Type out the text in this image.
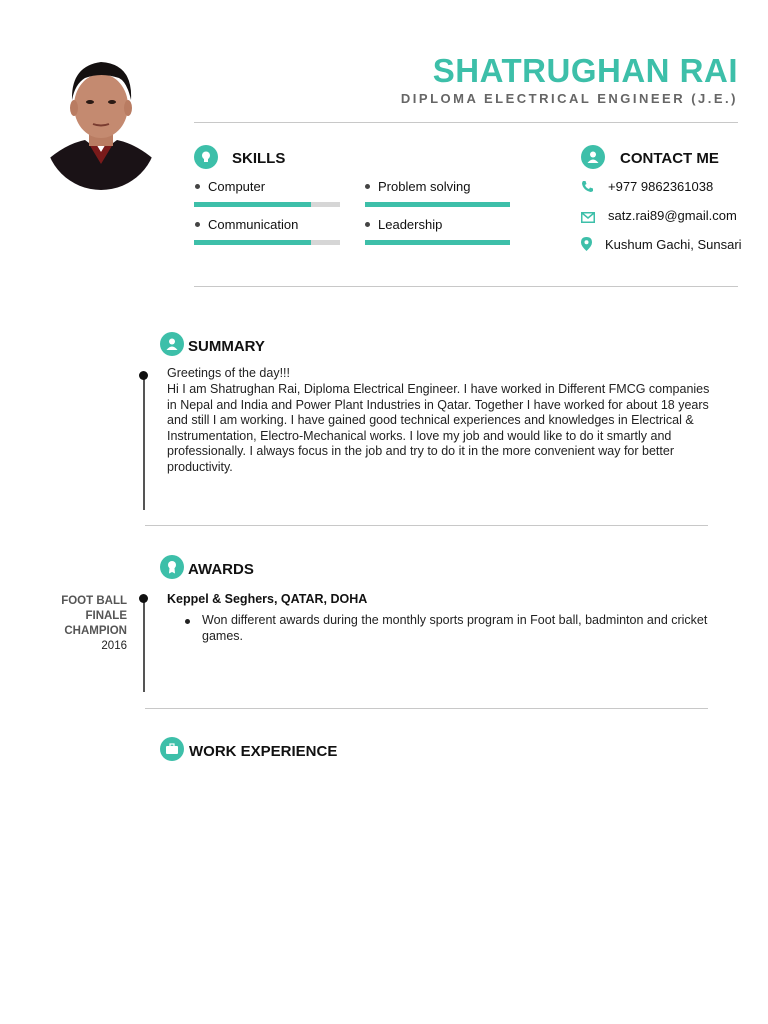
SHATRUGHAN RAI
DIPLOMA ELECTRICAL ENGINEER (J.E.)
SKILLS
Computer	Problem solving
Communication	Leadership
CONTACT ME
+977 9862361038
satz.rai89@gmail.com
Kushum Gachi, Sunsari
SUMMARY
Greetings of the day!!!
Hi I am Shatrughan Rai, Diploma Electrical Engineer. I have worked in Different FMCG companies in Nepal and India and Power Plant Industries in Qatar. Together I have worked for about 18 years and still I am working. I have gained good technical experiences and knowledges in Electrical & Instrumentation, Electro-Mechanical works. I love my job and would like to do it smartly and professionally. I always focus in the job and try to do it in the more convenient way for better productivity.
AWARDS
FOOT BALL
FINALE
CHAMPION
2016
Keppel & Seghers, QATAR, DOHA
Won different awards during the monthly sports program in Foot ball, badminton and cricket games.
WORK EXPERIENCE
